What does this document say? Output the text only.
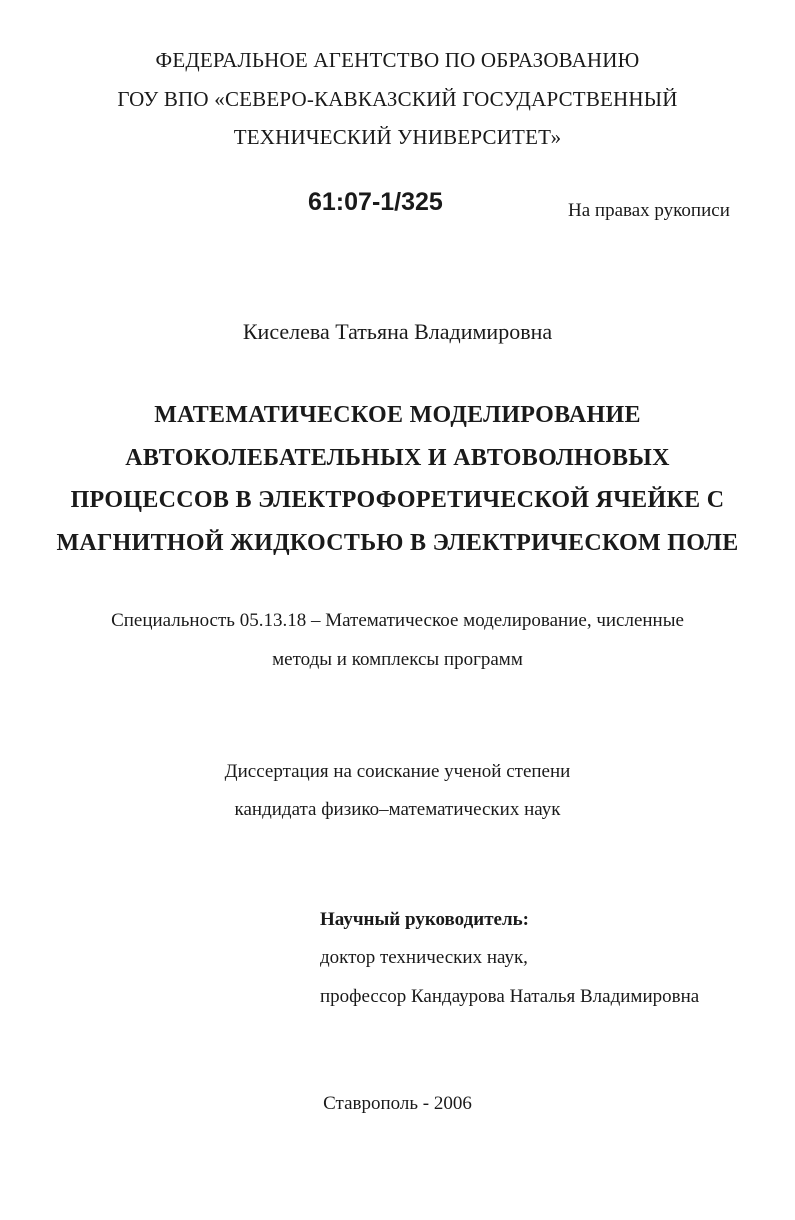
ФЕДЕРАЛЬНОЕ АГЕНТСТВО ПО ОБРАЗОВАНИЮ
ГОУ ВПО «СЕВЕРО-КАВКАЗСКИЙ ГОСУДАРСТВЕННЫЙ
ТЕХНИЧЕСКИЙ УНИВЕРСИТЕТ»
61:07-1/325	На правах рукописи
Киселева Татьяна Владимировна
МАТЕМАТИЧЕСКОЕ МОДЕЛИРОВАНИЕ
АВТОКОЛЕБАТЕЛЬНЫХ И АВТОВОЛНОВЫХ
ПРОЦЕССОВ В ЭЛЕКТРОФОРЕТИЧЕСКОЙ ЯЧЕЙКЕ С
МАГНИТНОЙ ЖИДКОСТЬЮ В ЭЛЕКТРИЧЕСКОМ ПОЛЕ
Специальность 05.13.18 – Математическое моделирование, численные
методы и комплексы программ
Диссертация на соискание ученой степени
кандидата физико–математических наук
Научный руководитель:
доктор технических наук,
профессор Кандаурова Наталья Владимировна
Ставрополь - 2006
